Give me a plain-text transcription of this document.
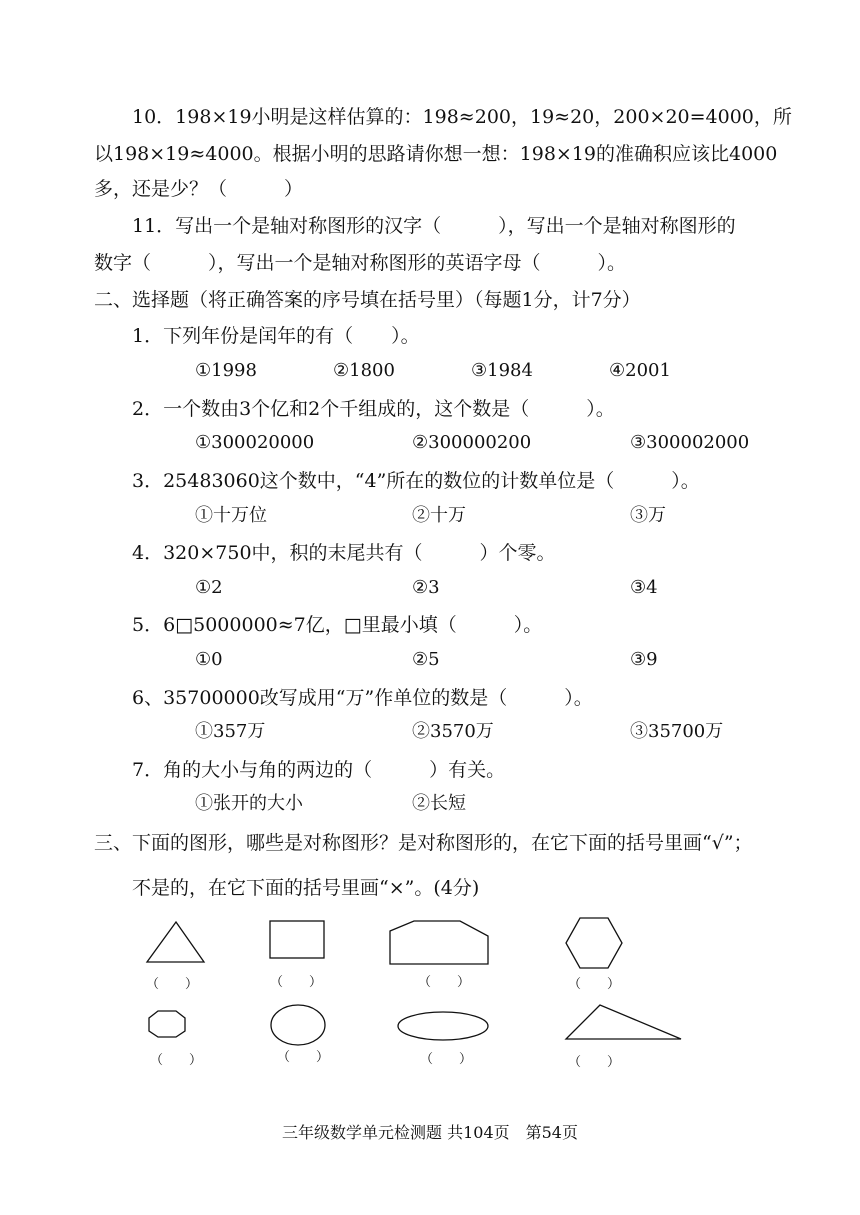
10．198×19小明是这样估算的：198≈200，19≈20，200×20=4000，所
以198×19≈4000。根据小明的思路请你想一想：198×19的准确积应该比4000
多，还是少？（　　　）
11．写出一个是轴对称图形的汉字（　　　），写出一个是轴对称图形的
数字（　　　），写出一个是轴对称图形的英语字母（　　　）。
二、选择题（将正确答案的序号填在括号里）（每题1分，计7分）
1．下列年份是闰年的有（　　）。
①1998	②1800	③1984	④2001
2．一个数由3个亿和2个千组成的，这个数是（　　　）。
①300020000	②300000200	③300002000
3．25483060这个数中，“4”所在的数位的计数单位是（　　　）。
①十万位	②十万	③万
4．320×750中，积的末尾共有（　　　）个零。
①2	②3	③4
5．6□5000000≈7亿，□里最小填（　　　）。
①0	②5	③9
6、35700000改写成用“万”作单位的数是（　　　）。
①357万	②3570万	③35700万
7．角的大小与角的两边的（　　　）有关。
①张开的大小	②长短
三、下面的图形，哪些是对称图形？是对称图形的，在它下面的括号里画“√”；
不是的，在它下面的括号里画“×”。(4分)
（　　）	（　　）	（　　）	（　　）
（　　）	（　　）	（　　）	（　　）
三年级数学单元检测题 共104页　第54页
